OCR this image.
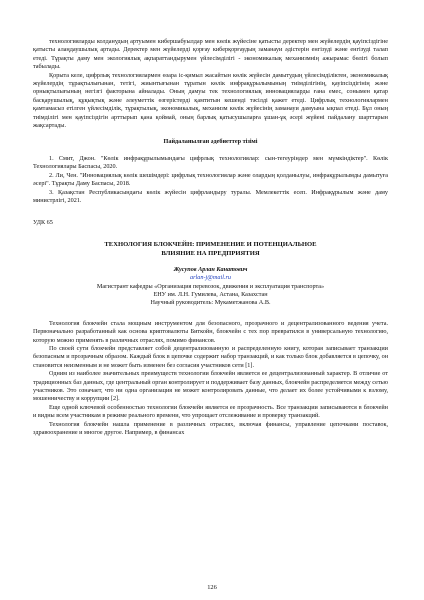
технологияларды колданудың артуымен кибершабуылдар мен көлік жүйесіне қатысты деректер мен жүйелердің қауіпсіздігіне қатысты алаңдаушылық артады. Деректер мен жүйелерді қорғау киберқорғаудың заманауи әдістерін енгізуді және енгізуді талап етеді. Тұрақты даму мен экологиялық ақпараттандырумен үйлесімділігі - экономикалық механизмнің ажырамас бөлігі болып табылады.

Қорыта келе, цифрлық технологиялармен өзара іс-қимыл жасайтын көлік жүйесін дамытудың үйлесімділіктен, экономикалық жүйелердің тұрақтылығынан, тетігі, жиынтығынан тұратын көлік инфрақұрылымының тиімділігінің, қауіпсіздігінің және орнықтылығының негізгі факторына айналады. Оның дамуы тек технологиялық инновацияларды ғана емес, сонымен қатар басқарушылық, құқықтық және әлеуметтік өзгерістерді қамтитын кешенді тәсілді қажет етеді. Цифрлық технологиялармен қамтамасыз етілген үйлесімділік, тұрақтылық, экономикалық, механизм көлік жүйесінің заманауи дамуына ықпал етеді. Бұл оның тиімділігі мен қауіпсіздігін арттырып қана қоймай, оның барлық қатысушыларға ұшан-ұқ әсері жүйені пайдалану шарттарын жақсартады.

Пайдаланылған әдебиеттер тізімі

1. Смит, Джон. "Көлік инфрақұрылымындағы цифрлық технологиялар: сын-тегеуріндер мен мүмкіндіктер". Көлік Технологиялары Баспасы, 2020.

2. Ли, Чен. "Инновациялық көлік шешімдері: цифрлық технологиялар және олардың қолданылуы, инфрақұрылымды дамытуға әсері". Тұрақты Даму Баспасы, 2018.

3. Қазақстан Республикасындағы көлік жүйесін цифрландыру туралы. Мемлекеттік есеп. Инфрақұрылым және даму министрлігі, 2021.

УДК 65

ТЕХНОЛОГИЯ БЛОКЧЕЙН: ПРИМЕНЕНИЕ И ПОТЕНЦИАЛЬНОЕ
ВЛИЯНИЕ НА ПРЕДПРИЯТИЯ
Жусупов Арлан Канатович
arlan-j@mail.ru
Магистрант кафедры «Организация перевозок, движения и эксплуатация транспорта»
ЕНУ им. Л.Н. Гумилева, Астана, Казахстан
Научный руководитель: Мукаметжанова А.В.

Технология блокчейн стала мощным инструментом для безопасного, прозрачного и децентрализованного ведения учета. Первоначально разработанный как основа криптовалюты Биткойн, блокчейн с тех пор превратился в универсальную технологию, которую можно применять в различных отраслях, помимо финансов.

По своей сути блокчейн представляет собой децентрализованную и распределенную книгу, которая записывает транзакции безопасным и прозрачным образом. Каждый блок в цепочке содержит набор транзакций, и как только блок добавляется в цепочку, он становится неизменным и не может быть изменен без согласия участников сети [1].

Одним из наиболее значительных преимуществ технологии блокчейн является ее децентрализованный характер. В отличие от традиционных баз данных, где центральный орган контролирует и поддерживает базу данных, блокчейн распределяется между сетью участников. Это означает, что ни одна организация не может контролировать данные, что делает их более устойчивыми к взлому, мошенничеству и коррупции [2].

Еще одной ключевой особенностью технологии блокчейн является ее прозрачность. Все транзакции записываются в блокчейн и видны всем участникам в режиме реального времени, что упрощает отслеживание и проверку транзакций.

Технология блокчейн нашла применение в различных отраслях, включая финансы, управление цепочками поставок, здравоохранение и многое другое. Например, в финансах

126
